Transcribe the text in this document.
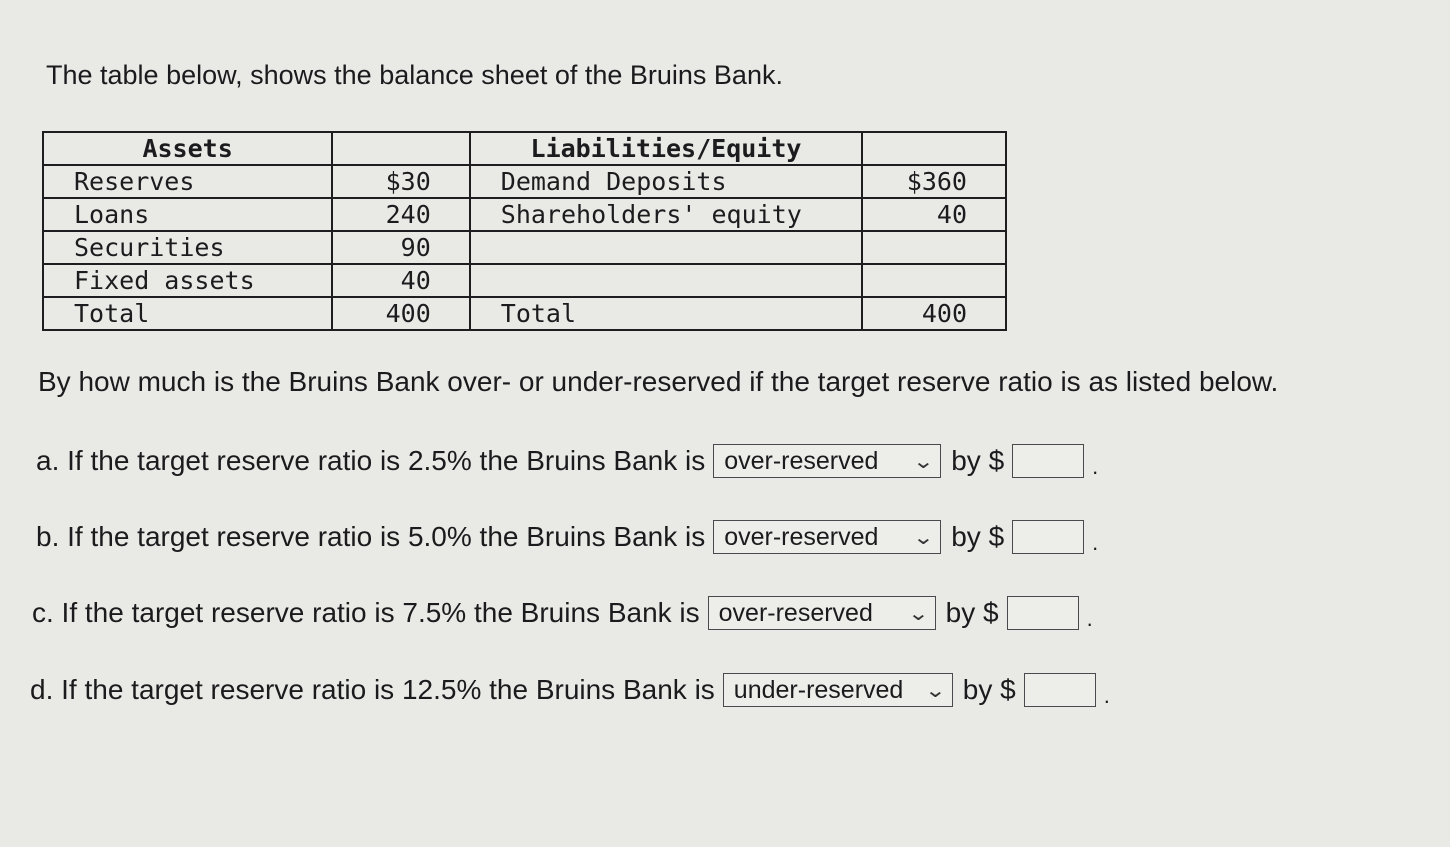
The table below, shows the balance sheet of the Bruins Bank.
Assets		Liabilities/Equity	
Reserves	$30	Demand Deposits	$360
Loans	240	Shareholders' equity	40
Securities	90		
Fixed assets	40		
Total	400	Total	400
By how much is the Bruins Bank over- or under-reserved if the target reserve ratio is as listed below.
a. If the target reserve ratio is 2.5% the Bruins Bank is over-reserved ⌄ by $	.
b. If the target reserve ratio is 5.0% the Bruins Bank is over-reserved ⌄ by $	.
c. If the target reserve ratio is 7.5% the Bruins Bank is over-reserved ⌄ by $	.
d. If the target reserve ratio is 12.5% the Bruins Bank is under-reserved ⌄ by $	.
